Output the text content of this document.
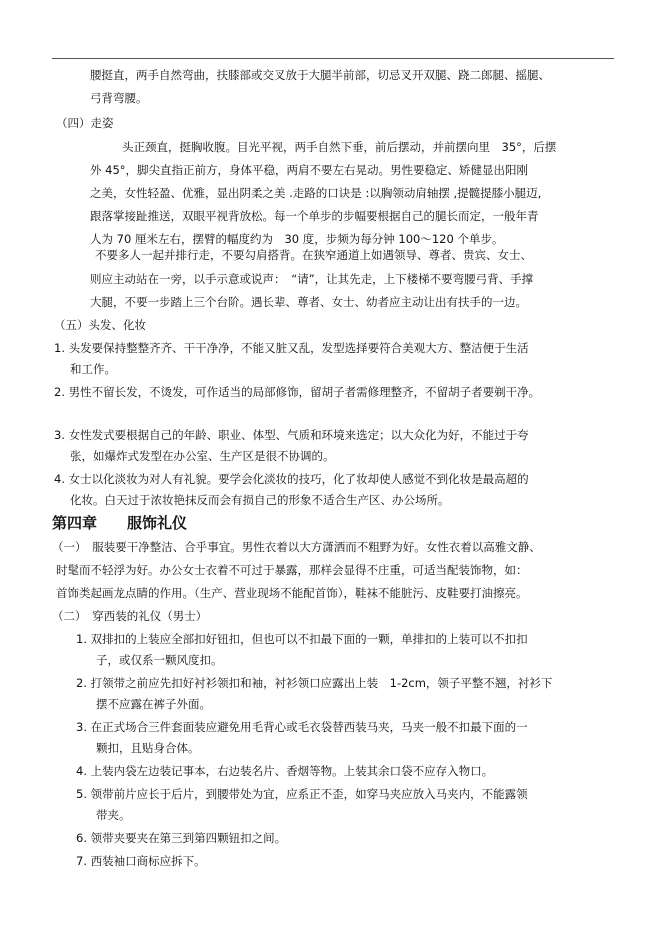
腰挺直，两手自然弯曲，扶膝部或交叉放于大腿半前部，切忌叉开双腿、跷二郎腿、摇腿、
弓背弯腰。
（四）走姿
头正颈直，挺胸收腹。目光平视，两手自然下垂，前后摆动，并前摆向里　35°，后摆
外 45°，脚尖直指正前方，身体平稳，两肩不要左右晃动。男性要稳定、矫健显出阳刚
之美，女性轻盈、优雅，显出阴柔之美 .走路的口诀是 :以胸领动肩轴摆 ,提髋提膝小腿迈,
跟落掌接趾推送，双眼平视背放松。每一个单步的步幅要根据自己的腿长而定，一般年青
人为 70 厘米左右，摆臂的幅度约为　30 度，步频为每分钟 100～120 个单步。
不要多人一起并排行走，不要勾肩搭背。在狭窄通道上如遇领导、尊者、贵宾、女士、
则应主动站在一旁，以手示意或说声：　“请”，让其先走，上下楼梯不要弯腰弓背、手撑
大腿，不要一步踏上三个台阶。遇长辈、尊者、女士、幼者应主动让出有扶手的一边。
（五）头发、化妆
1. 头发要保持整整齐齐、干干净净，不能又脏又乱，发型选择要符合美观大方、整洁便于生活
和工作。
2. 男性不留长发，不烫发，可作适当的局部修饰，留胡子者需修理整齐，不留胡子者要剃干净。
3. 女性发式要根据自己的年龄、职业、体型、气质和环境来选定；以大众化为好，不能过于夸
张，如爆炸式发型在办公室、生产区是很不协调的。
4. 女士以化淡妆为对人有礼貌。要学会化淡妆的技巧，化了妆却使人感觉不到化妆是最高超的
化妆。白天过于浓妆艳抹反而会有损自己的形象不适合生产区、办公场所。
第四章　　服饰礼仪
（一）　服装要干净整洁、合乎事宜。男性衣着以大方潇洒而不粗野为好。女性衣着以高雅文静、
时髦而不轻浮为好。办公女士衣着不可过于暴露，那样会显得不庄重，可适当配装饰物，如：
首饰类起画龙点睛的作用。（生产、营业现场不能配首饰），鞋袜不能脏污、皮鞋要打油擦亮。
（二）　穿西装的礼仪（男士）
1. 双排扣的上装应全部扣好钮扣，但也可以不扣最下面的一颗，单排扣的上装可以不扣扣
子，或仅系一颗风度扣。
2. 打领带之前应先扣好衬衫领扣和袖，衬衫领口应露出上装　1-2cm，领子平整不翘，衬衫下
摆不应露在裤子外面。
3. 在正式场合三件套面装应避免用毛背心或毛衣袋替西装马夹，马夹一般不扣最下面的一
颗扣，且贴身合体。
4. 上装内袋左边装记事本，右边装名片、香烟等物。上装其余口袋不应存入物口。
5. 领带前片应长于后片，到腰带处为宜，应系正不歪，如穿马夹应放入马夹内，不能露领
带夹。
6. 领带夹要夹在第三到第四颗钮扣之间。
7. 西装袖口商标应拆下。
